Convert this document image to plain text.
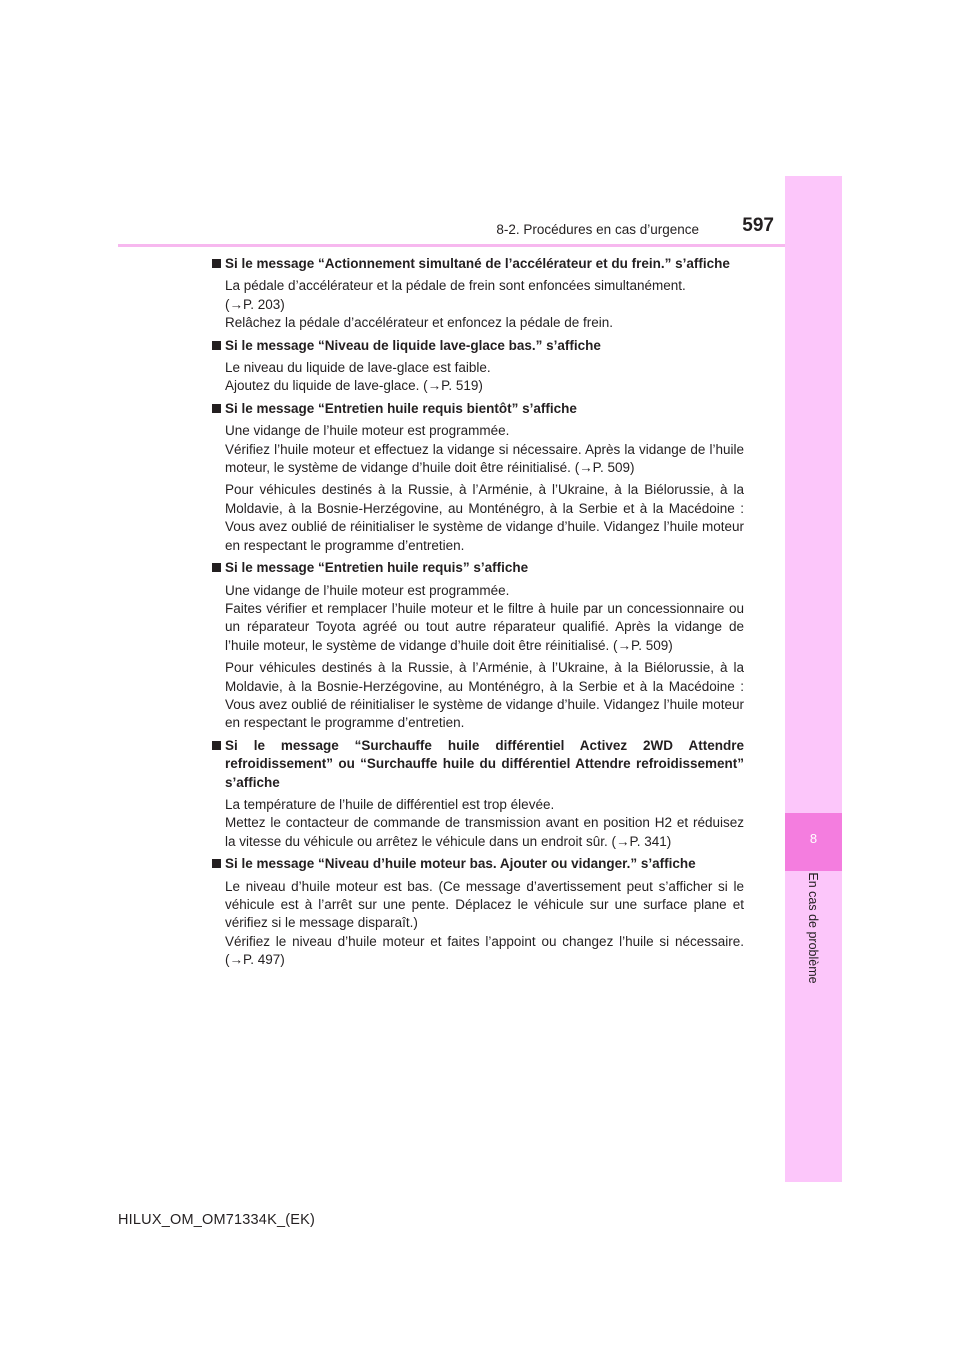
8-2. Procédures en cas d’urgence 597
8
En cas de problème
Si le message “Actionnement simultané de l’accélérateur et du frein.” s’affiche
La pédale d’accélérateur et la pédale de frein sont enfoncées simultanément.
(→P. 203)
Relâchez la pédale d’accélérateur et enfoncez la pédale de frein.
Si le message “Niveau de liquide lave-glace bas.” s’affiche
Le niveau du liquide de lave-glace est faible.
Ajoutez du liquide de lave-glace. (→P. 519)
Si le message “Entretien huile requis bientôt” s’affiche
Une vidange de l’huile moteur est programmée.
Vérifiez l’huile moteur et effectuez la vidange si nécessaire. Après la vidange de l’huile moteur, le système de vidange d’huile doit être réinitialisé. (→P. 509)
Pour véhicules destinés à la Russie, à l’Arménie, à l’Ukraine, à la Biélorussie, à la Moldavie, à la Bosnie-Herzégovine, au Monténégro, à la Serbie et à la Macédoine : Vous avez oublié de réinitialiser le système de vidange d’huile. Vidangez l’huile moteur en respectant le programme d’entretien.
Si le message “Entretien huile requis” s’affiche
Une vidange de l’huile moteur est programmée.
Faites vérifier et remplacer l’huile moteur et le filtre à huile par un concessionnaire ou un réparateur Toyota agréé ou tout autre réparateur qualifié. Après la vidange de l’huile moteur, le système de vidange d’huile doit être réinitialisé. (→P. 509)
Pour véhicules destinés à la Russie, à l’Arménie, à l’Ukraine, à la Biélorussie, à la Moldavie, à la Bosnie-Herzégovine, au Monténégro, à la Serbie et à la Macédoine : Vous avez oublié de réinitialiser le système de vidange d’huile. Vidangez l’huile moteur en respectant le programme d’entretien.
Si le message “Surchauffe huile différentiel Activez 2WD Attendre refroidissement” ou “Surchauffe huile du différentiel Attendre refroidissement” s’affiche
La température de l’huile de différentiel est trop élevée.
Mettez le contacteur de commande de transmission avant en position H2 et réduisez la vitesse du véhicule ou arrêtez le véhicule dans un endroit sûr. (→P. 341)
Si le message “Niveau d’huile moteur bas. Ajouter ou vidanger.” s’affiche
Le niveau d’huile moteur est bas. (Ce message d’avertissement peut s’afficher si le véhicule est à l’arrêt sur une pente. Déplacez le véhicule sur une surface plane et vérifiez si le message disparaît.)
Vérifiez le niveau d’huile moteur et faites l’appoint ou changez l’huile si nécessaire. (→P. 497)
HILUX_OM_OM71334K_(EK)
